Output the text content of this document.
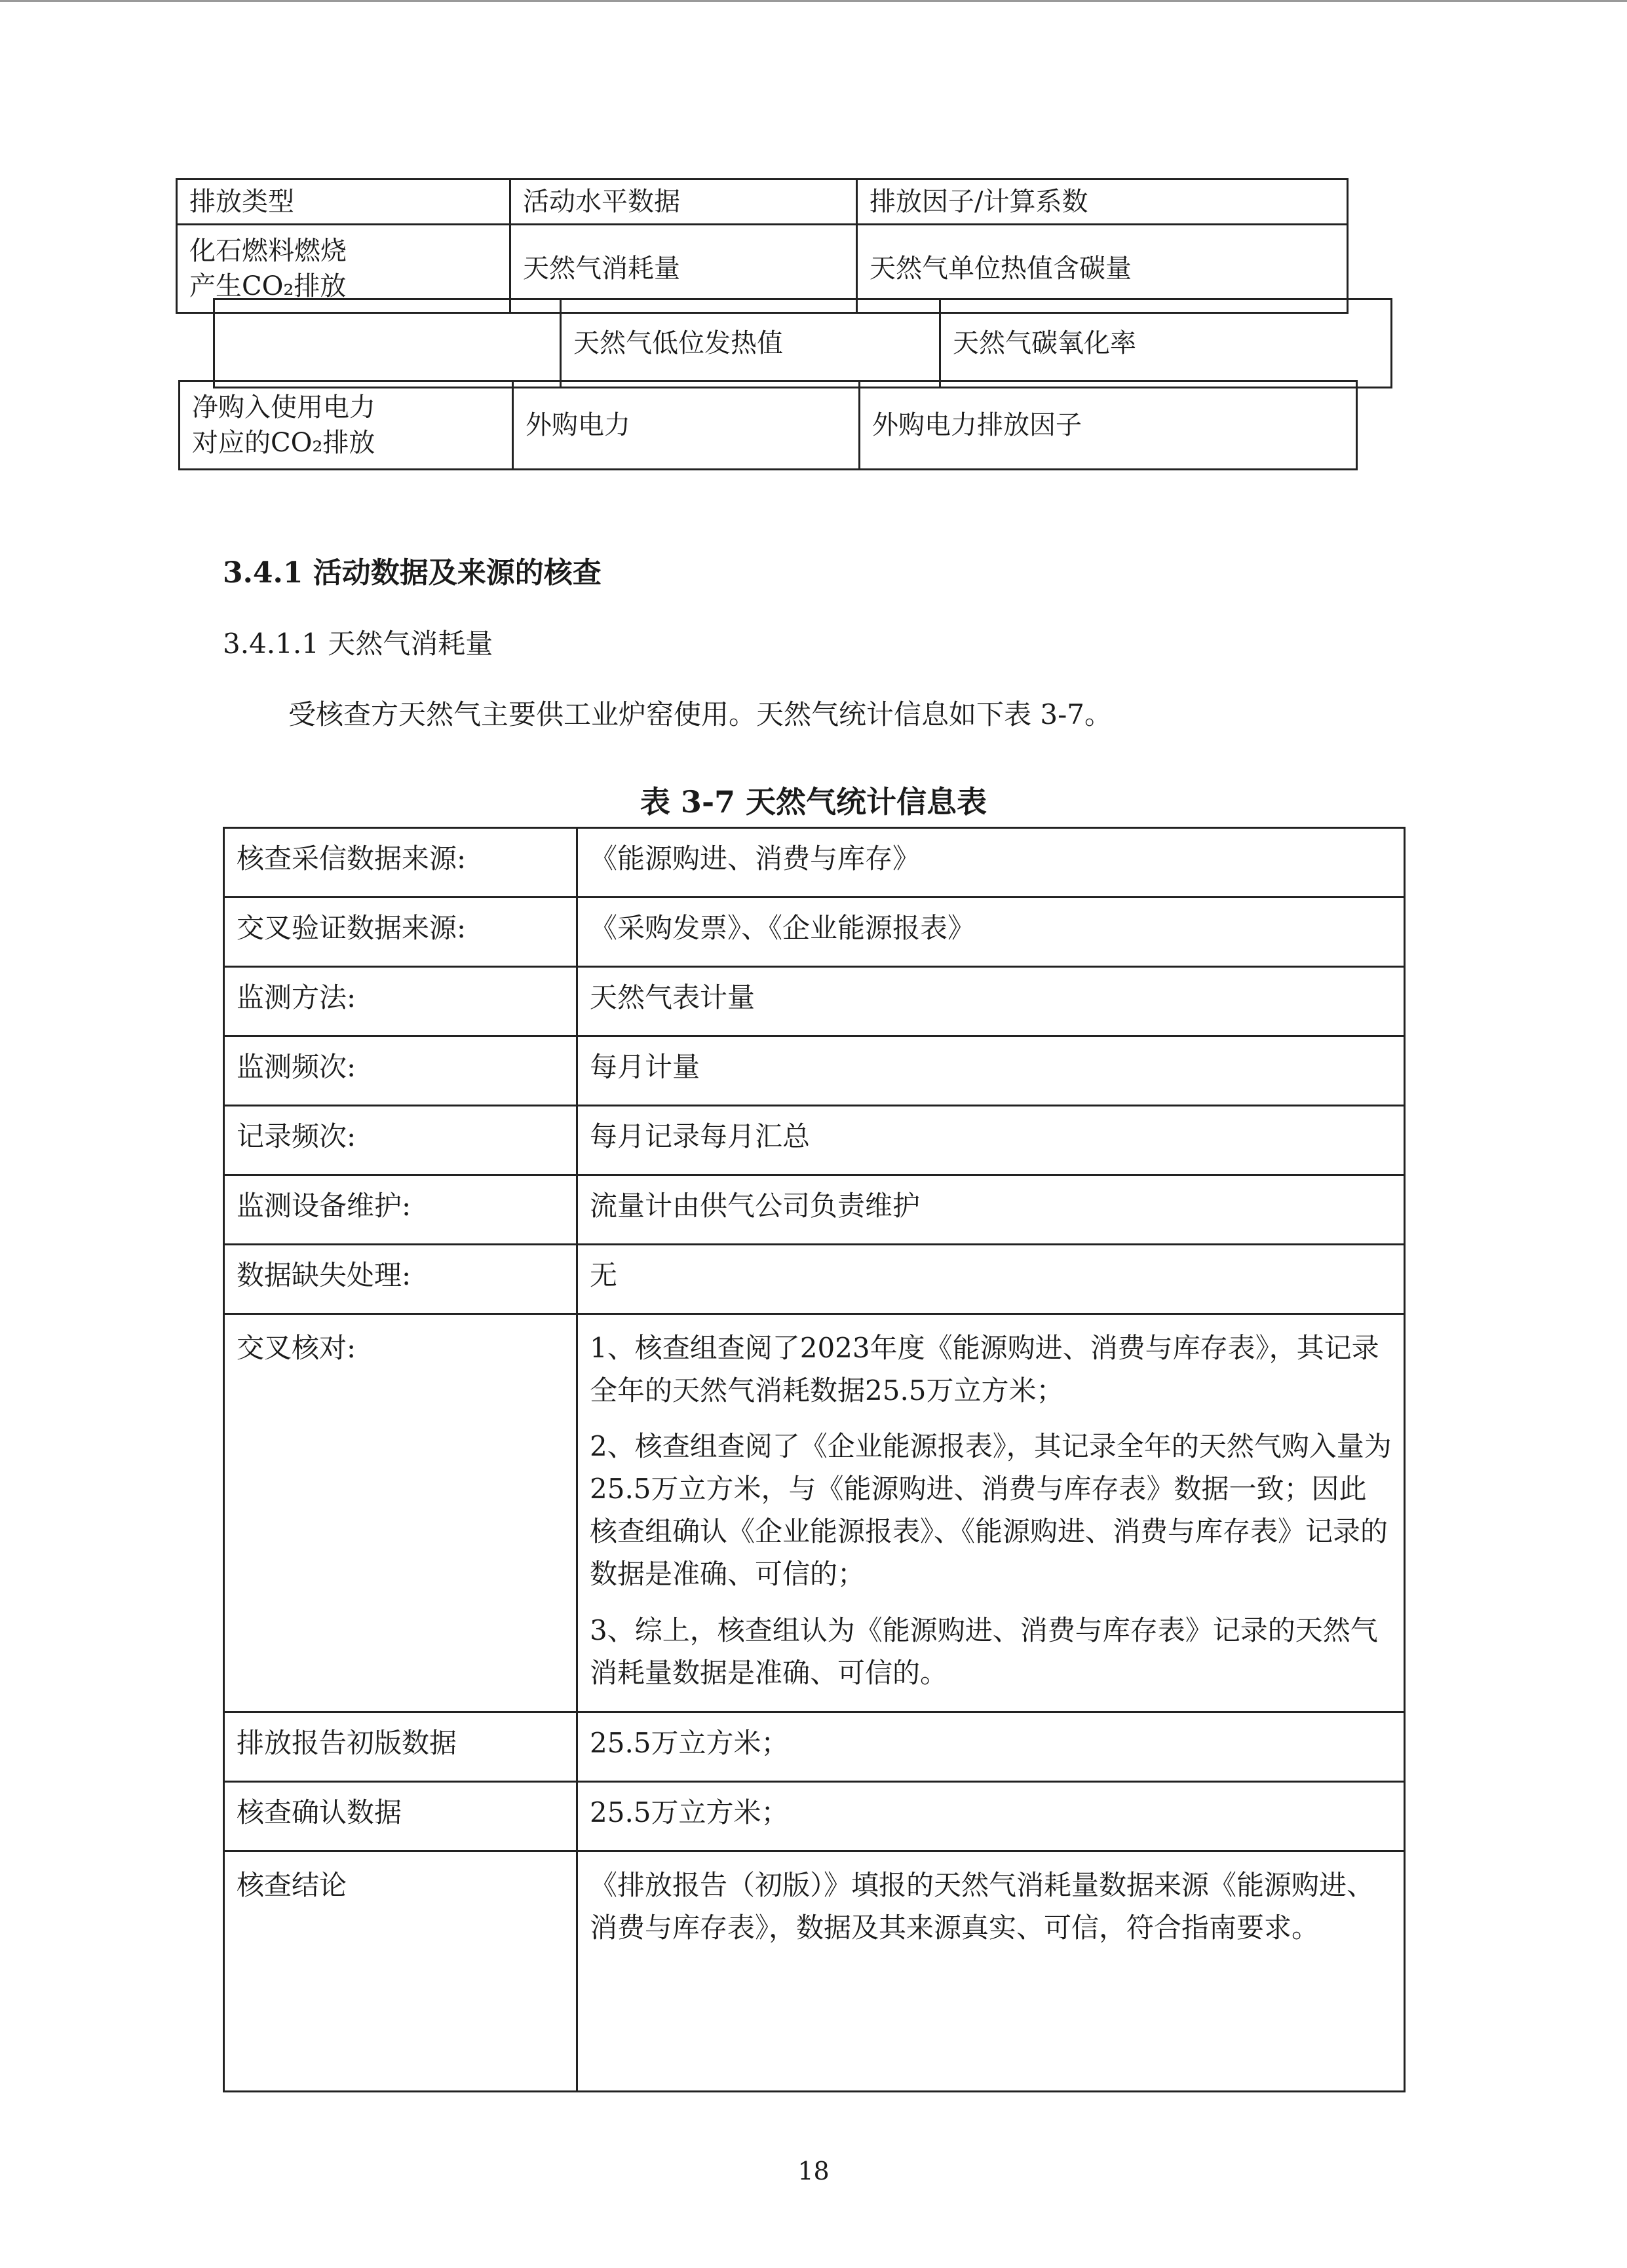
排放类型	活动水平数据	排放因子/计算系数
化石燃料燃烧
产生CO₂排放	天然气消耗量	天然气单位热值含碳量
	天然气低位发热值	天然气碳氧化率
净购入使用电力
对应的CO₂排放	外购电力	外购电力排放因子
3.4.1 活动数据及来源的核查
3.4.1.1 天然气消耗量
受核查方天然气主要供工业炉窑使用。天然气统计信息如下表 3-7。
表 3-7 天然气统计信息表
核查采信数据来源:	《能源购进、消费与库存》
交叉验证数据来源:	《采购发票》、《企业能源报表》
监测方法:	天然气表计量
监测频次:	每月计量
记录频次:	每月记录每月汇总
监测设备维护:	流量计由供气公司负责维护
数据缺失处理:	无
交叉核对:	1、核查组查阅了2023年度《能源购进、消费与库存表》，其记录全年的天然气消耗数据25.5万立方米；
2、核查组查阅了《企业能源报表》，其记录全年的天然气购入量为25.5万立方米，与《能源购进、消费与库存表》数据一致；因此核查组确认《企业能源报表》、《能源购进、消费与库存表》记录的数据是准确、可信的；
3、综上，核查组认为《能源购进、消费与库存表》记录的天然气消耗量数据是准确、可信的。

排放报告初版数据	25.5万立方米；
核查确认数据	25.5万立方米；
核查结论	《排放报告（初版）》填报的天然气消耗量数据来源《能源购进、消费与库存表》，数据及其来源真实、可信，符合指南要求。
18
